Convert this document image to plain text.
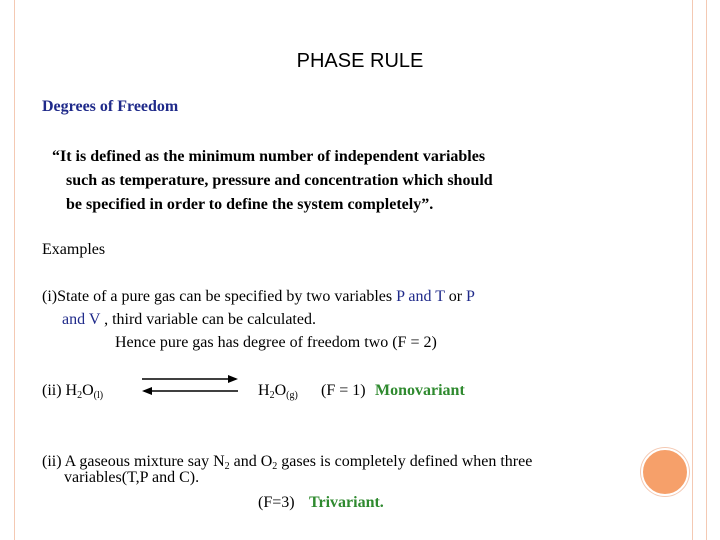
PHASE RULE
Degrees of Freedom
“It is defined as the minimum number of independent variables
such as temperature, pressure and concentration which should
be specified in order to define the system completely”.
Examples
(i)State of a pure gas can be specified by two variables P and T or P
and V , third variable can be calculated.
Hence pure gas has degree of freedom two (F = 2)
(ii) $H_2O_{(l)}$	$H_2O_{(g)}$ (F = 1) Monovariant
(ii) A gaseous mixture say $N_2$ and $O_2$ gases is completely defined when three
variables(T,P and C).
(F=3) Trivariant.
